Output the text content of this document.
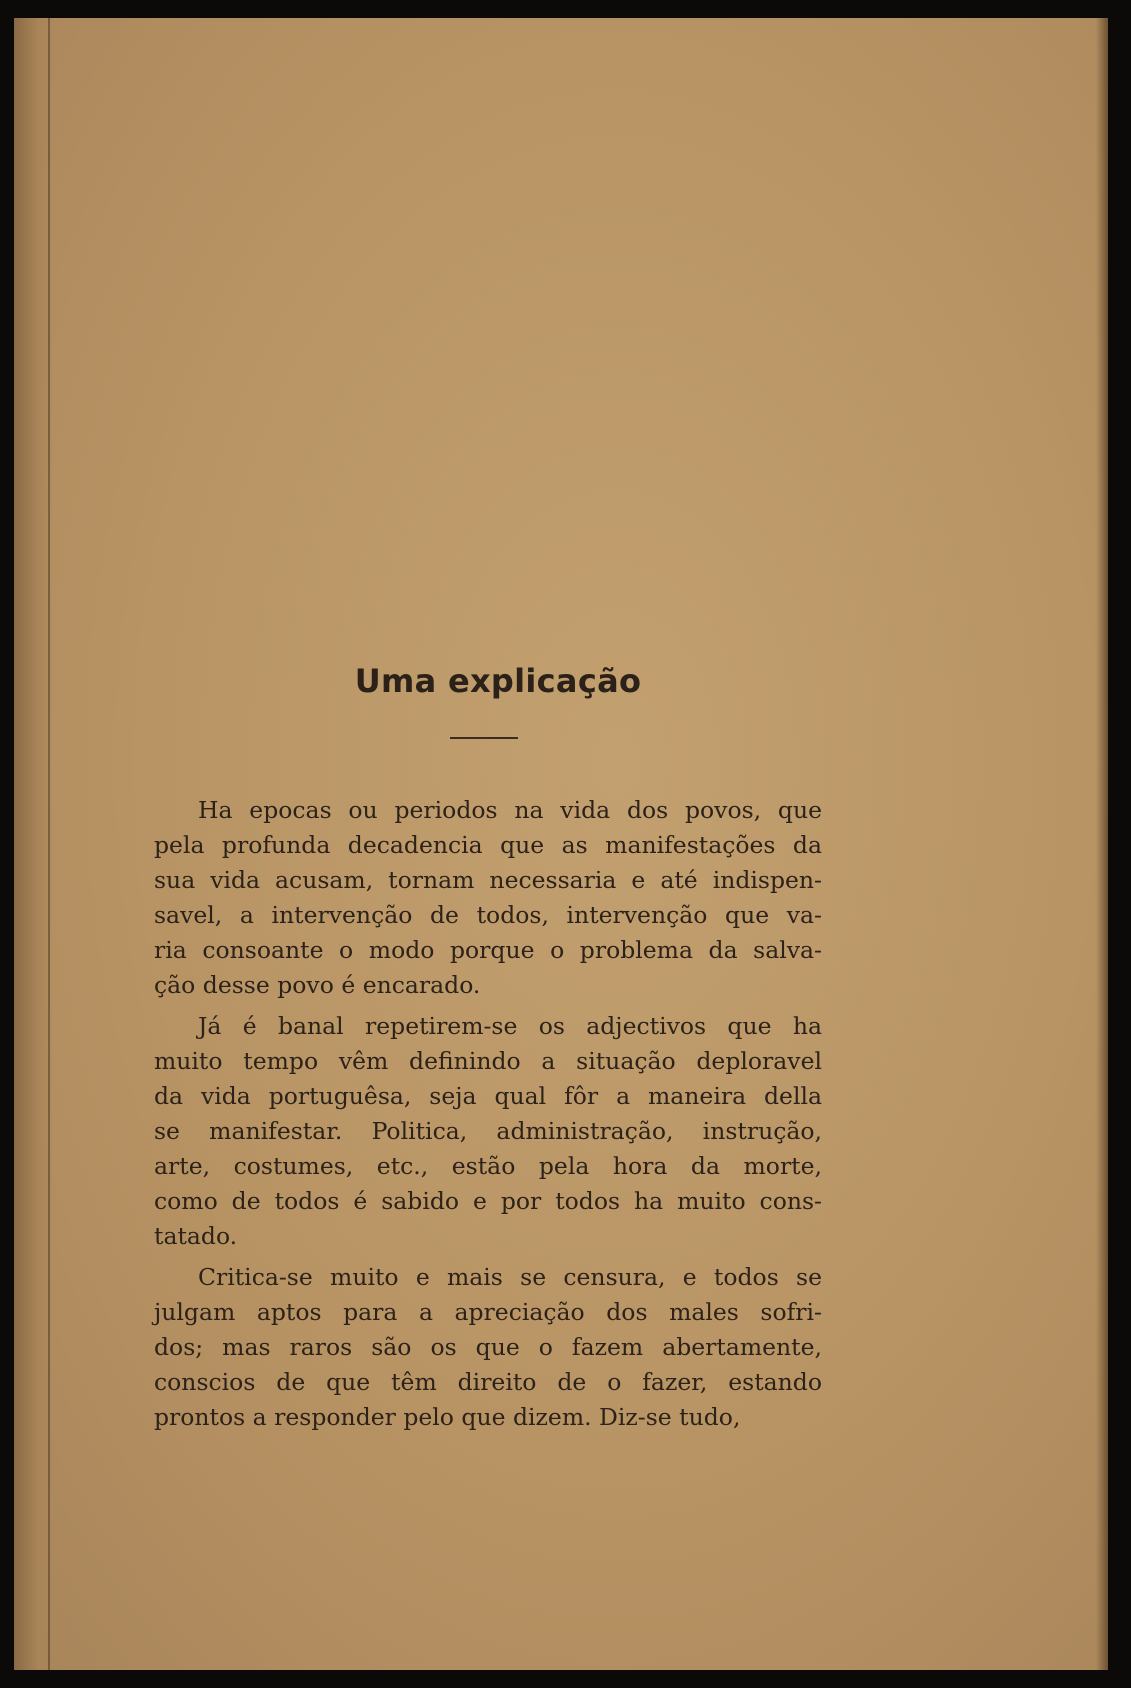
Uma explicação
Ha epocas ou periodos na vida dos povos, que
pela profunda decadencia que as manifestações da
sua vida acusam, tornam necessaria e até indispen-
savel, a intervenção de todos, intervenção que va-
ria consoante o modo porque o problema da salva-
ção desse povo é encarado.
Já é banal repetirem-se os adjectivos que ha
muito tempo vêm definindo a situação deploravel
da vida portuguêsa, seja qual fôr a maneira della
se manifestar. Politica, administração, instrução,
arte, costumes, etc., estão pela hora da morte,
como de todos é sabido e por todos ha muito cons-
tatado.
Critica-se muito e mais se censura, e todos se
julgam aptos para a apreciação dos males sofri-
dos; mas raros são os que o fazem abertamente,
conscios de que têm direito de o fazer, estando
prontos a responder pelo que dizem. Diz-se tudo,
